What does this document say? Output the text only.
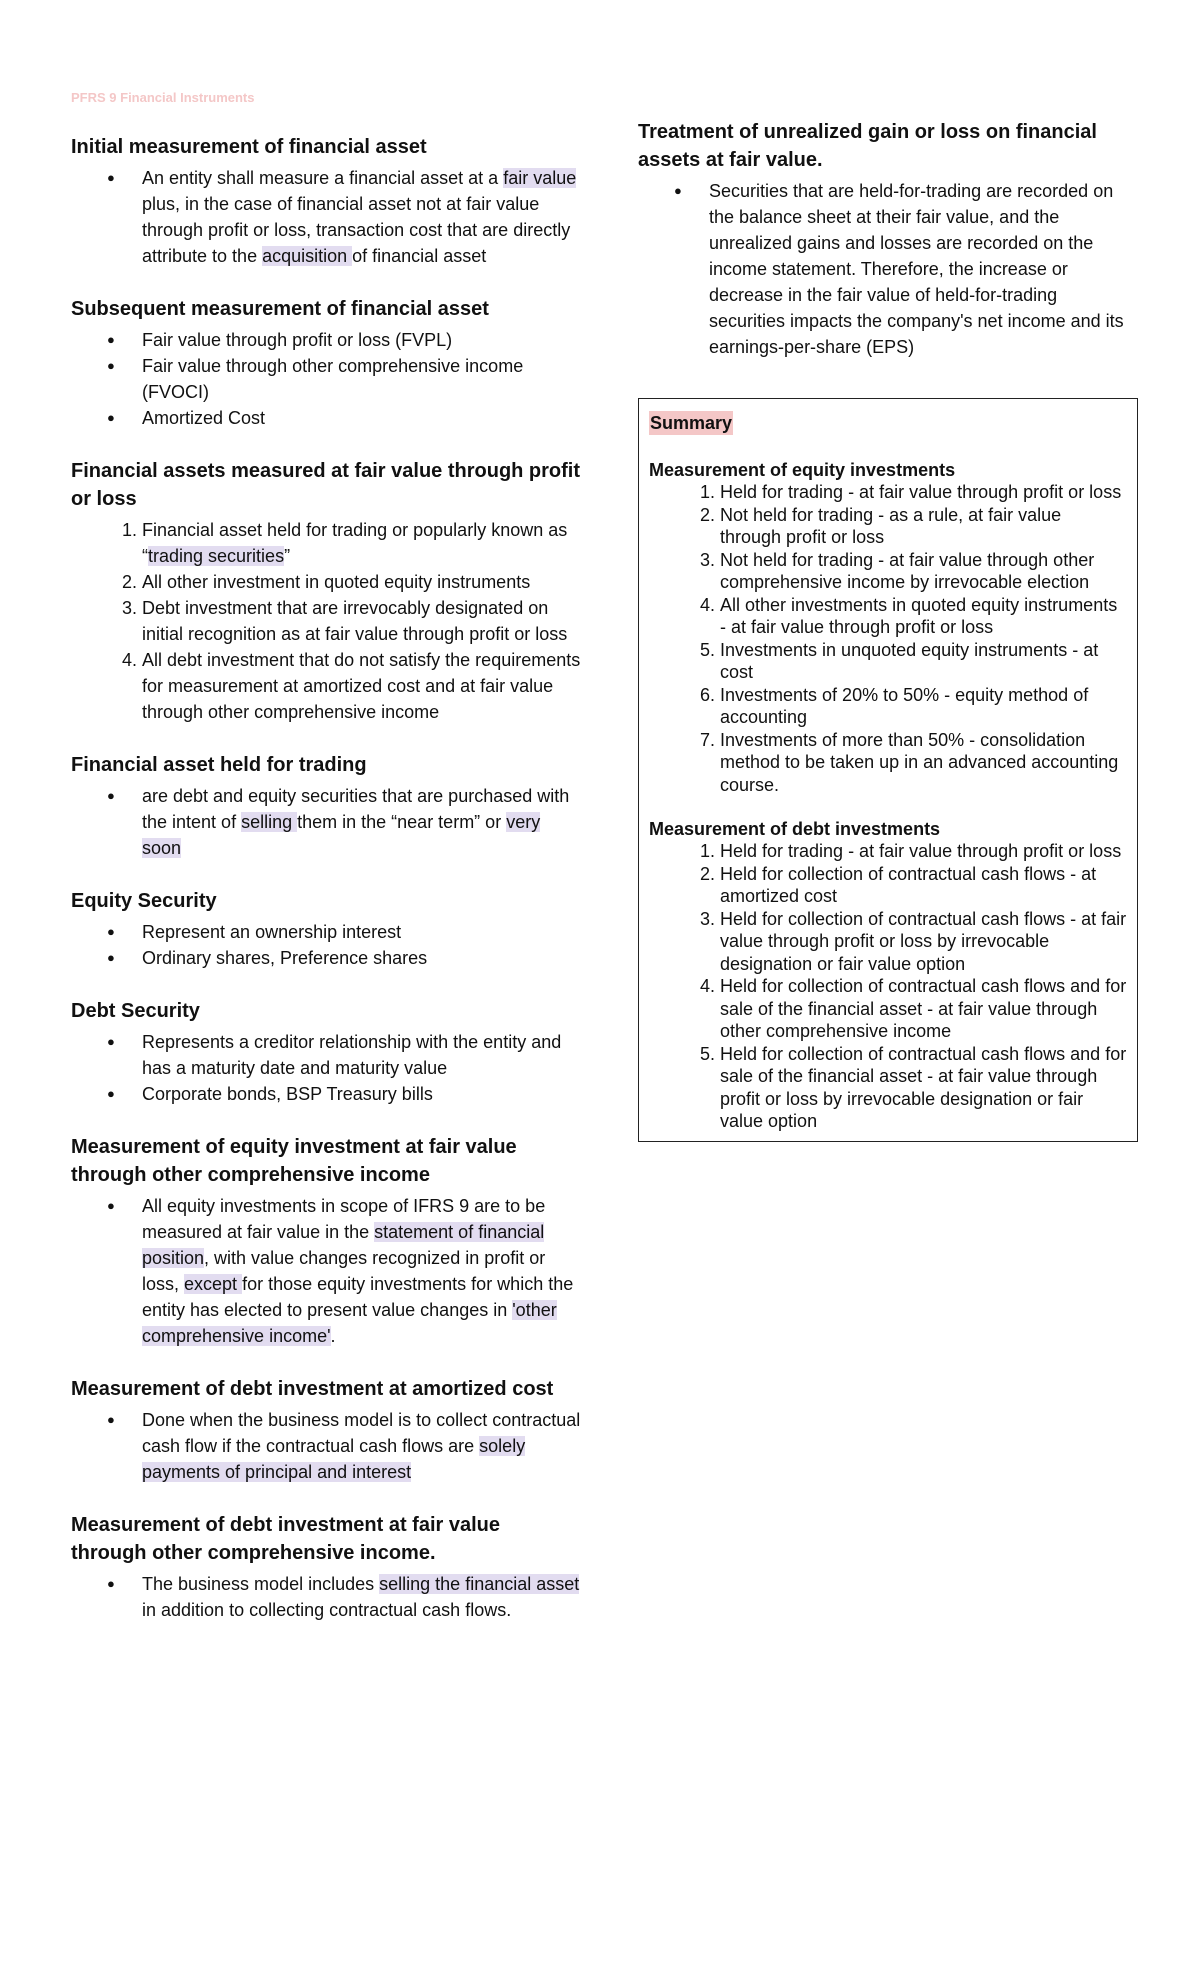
PFRS 9 Financial Instruments
Initial measurement of financial asset
● An entity shall measure a financial asset at a fair value plus, in the case of financial asset not at fair value through profit or loss, transaction cost that are directly attribute to the acquisition of financial asset
Subsequent measurement of financial asset
● Fair value through profit or loss (FVPL)
● Fair value through other comprehensive income (FVOCI)
● Amortized Cost
Financial assets measured at fair value through profit or loss
1. Financial asset held for trading or popularly known as “trading securities”
2. All other investment in quoted equity instruments
3. Debt investment that are irrevocably designated on initial recognition as at fair value through profit or loss
4. All debt investment that do not satisfy the requirements for measurement at amortized cost and at fair value through other comprehensive income
Financial asset held for trading
● are debt and equity securities that are purchased with the intent of selling them in the “near term” or very soon
Equity Security
● Represent an ownership interest
● Ordinary shares, Preference shares
Debt Security
● Represents a creditor relationship with the entity and has a maturity date and maturity value
● Corporate bonds, BSP Treasury bills
Measurement of equity investment at fair value through other comprehensive income
● All equity investments in scope of IFRS 9 are to be measured at fair value in the statement of financial position, with value changes recognized in profit or loss, except for those equity investments for which the entity has elected to present value changes in 'other comprehensive income'.
Measurement of debt investment at amortized cost
● Done when the business model is to collect contractual cash flow if the contractual cash flows are solely payments of principal and interest
Measurement of debt investment at fair value through other comprehensive income.
● The business model includes selling the financial asset in addition to collecting contractual cash flows.
Treatment of unrealized gain or loss on financial assets at fair value.
● Securities that are held-for-trading are recorded on the balance sheet at their fair value, and the unrealized gains and losses are recorded on the income statement. Therefore, the increase or decrease in the fair value of held-for-trading securities impacts the company's net income and its earnings-per-share (EPS)
Summary
Measurement of equity investments
1. Held for trading - at fair value through profit or loss
2. Not held for trading - as a rule, at fair value through profit or loss
3. Not held for trading - at fair value through other comprehensive income by irrevocable election
4. All other investments in quoted equity instruments - at fair value through profit or loss
5. Investments in unquoted equity instruments - at cost
6. Investments of 20% to 50% - equity method of accounting
7. Investments of more than 50% - consolidation method to be taken up in an advanced accounting course.
Measurement of debt investments
1. Held for trading - at fair value through profit or loss
2. Held for collection of contractual cash flows - at amortized cost
3. Held for collection of contractual cash flows - at fair value through profit or loss by irrevocable designation or fair value option
4. Held for collection of contractual cash flows and for sale of the financial asset - at fair value through other comprehensive income
5. Held for collection of contractual cash flows and for sale of the financial asset - at fair value through profit or loss by irrevocable designation or fair value option
